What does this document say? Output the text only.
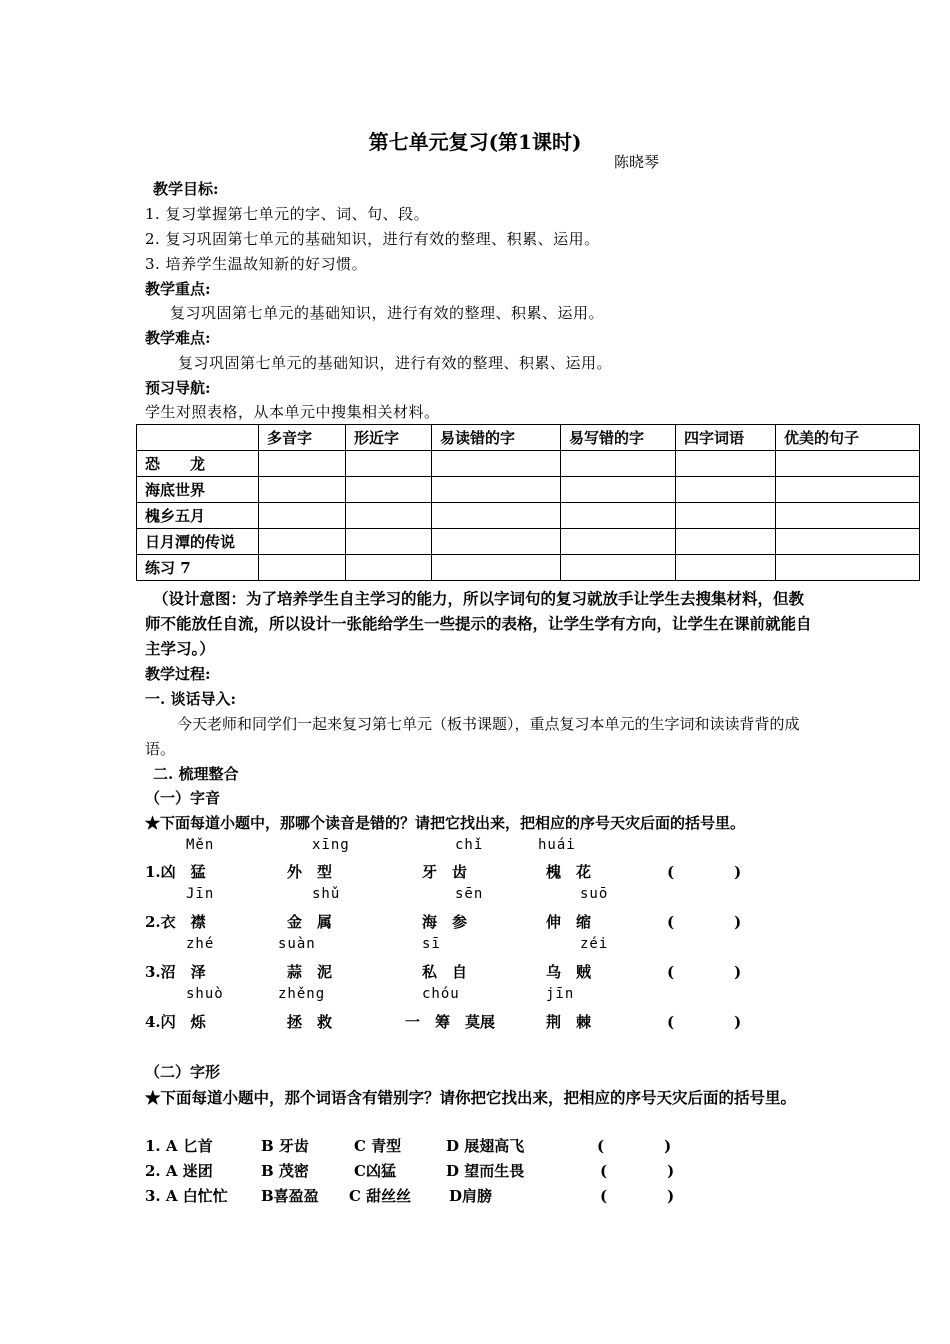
第七单元复习(第1课时)
陈晓琴
教学目标:
1. 复习掌握第七单元的字、词、句、段。
2. 复习巩固第七单元的基础知识，进行有效的整理、积累、运用。
3. 培养学生温故知新的好习惯。
教学重点:
复习巩固第七单元的基础知识，进行有效的整理、积累、运用。
教学难点:
复习巩固第七单元的基础知识，进行有效的整理、积累、运用。
预习导航:
学生对照表格，从本单元中搜集相关材料。
	多音字	形近字	易读错的字	易写错的字	四字词语	优美的句子
恐　　龙						
海底世界						
槐乡五月						
日月潭的传说						
练习 7						
（设计意图：为了培养学生自主学习的能力，所以字词句的复习就放手让学生去搜集材料，但教师不能放任自流，所以设计一张能给学生一些提示的表格，让学生学有方向，让学生在课前就能自主学习。）
教学过程:
一. 谈话导入:
今天老师和同学们一起来复习第七单元（板书课题），重点复习本单元的生字词和读读背背的成语。
二. 梳理整合
（一）字音
★下面每道小题中，那哪个读音是错的？请把它找出来，把相应的序号天灾后面的括号里。
Měn	xīng	chǐ	huái
1.凶　猛	外　型	牙　齿	槐　花	(　　　　)
Jīn	shǔ	sēn	suō
2.衣　襟	金　属	海　参	伸　缩	(　　　　)
zhé	suàn	sī	zéi
3.沼　泽	蒜　泥	私　自	乌　贼	(　　　　)
shuò	zhěng	chóu	jīn
4.闪　烁	拯　救	一　筹　莫展	荆　棘	(　　　　)
（二）字形
★下面每道小题中，那个词语含有错别字？请你把它找出来，把相应的序号天灾后面的括号里。
1. A 匕首	B 牙齿	C 青型	D 展翅高飞	(　　　　)
2. A 迷团	B 茂密	C凶猛	D 望而生畏	(　　　　)
3. A 白忙忙 B喜盈盈 C 甜丝丝	D肩膀	(　　　　)
